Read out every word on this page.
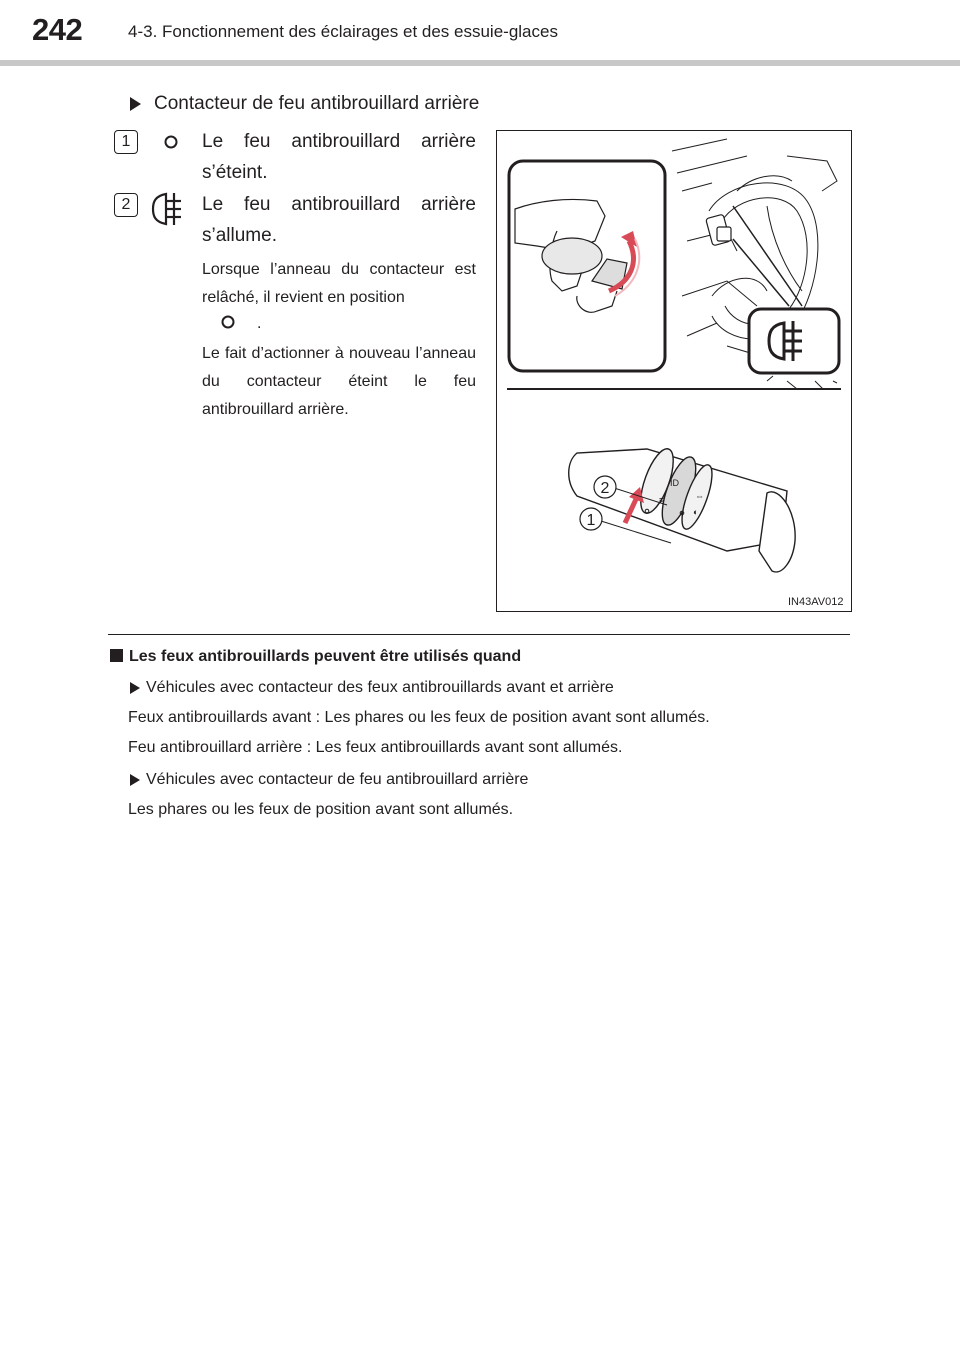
242	4-3. Fonctionnement des éclairages et des essuie-glaces
Contacteur de feu antibrouillard arrière
1	Le feu antibrouillard arrière s’éteint.
2	Le feu antibrouillard arrière s’allume.
Lorsque l’anneau du contacteur est relâché, il revient en position
.
Le fait d’actionner à nouveau l’anneau du contacteur éteint le feu antibrouillard arrière.
ID
≢	⇔
◐
2
1
IN43AV012
Les feux antibrouillards peuvent être utilisés quand
Véhicules avec contacteur des feux antibrouillards avant et arrière
Feux antibrouillards avant : Les phares ou les feux de position avant sont allumés.
Feu antibrouillard arrière : Les feux antibrouillards avant sont allumés.
Véhicules avec contacteur de feu antibrouillard arrière
Les phares ou les feux de position avant sont allumés.
